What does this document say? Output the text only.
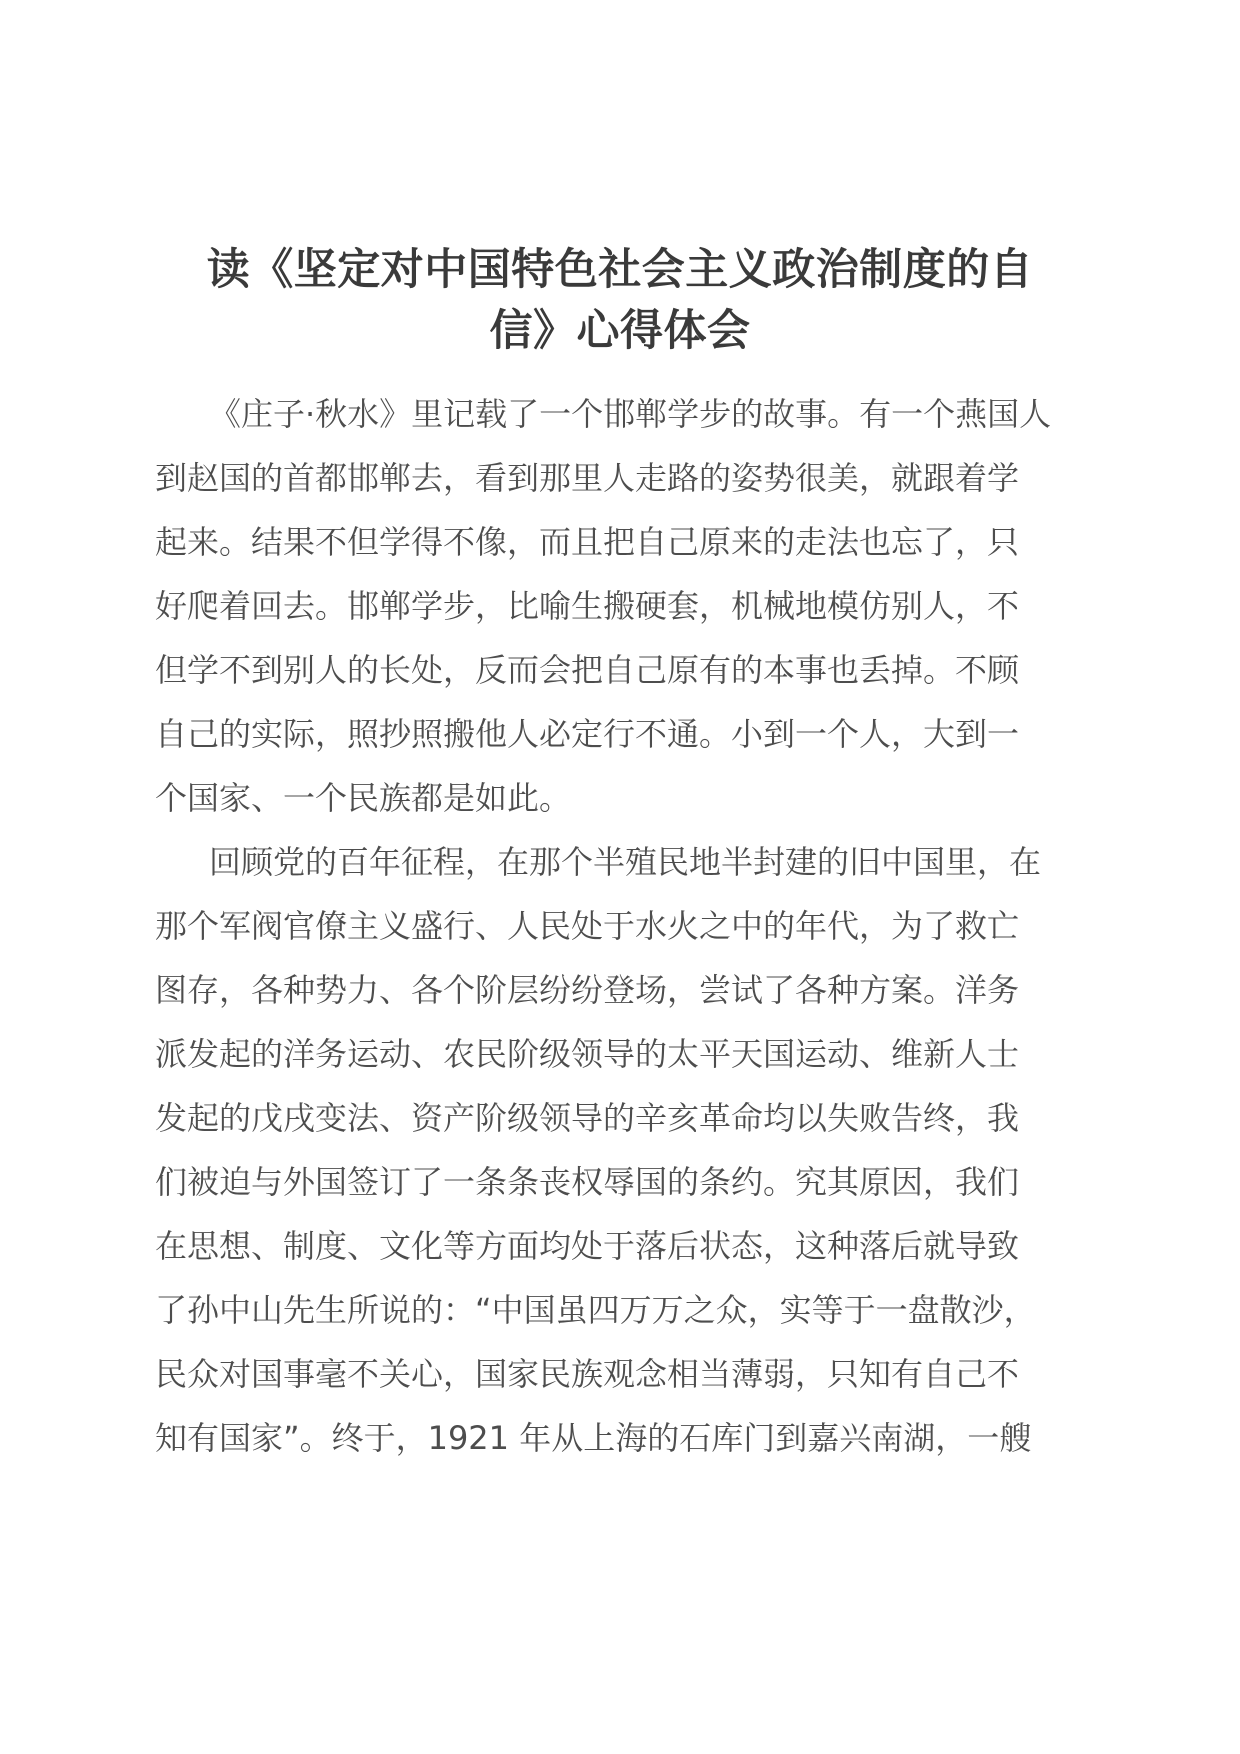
读《坚定对中国特色社会主义政治制度的自
信》心得体会

《庄子·秋水》里记载了一个邯郸学步的故事。有一个燕国人
到赵国的首都邯郸去，看到那里人走路的姿势很美，就跟着学
起来。结果不但学得不像，而且把自己原来的走法也忘了，只
好爬着回去。邯郸学步，比喻生搬硬套，机械地模仿别人，不
但学不到别人的长处，反而会把自己原有的本事也丢掉。不顾
自己的实际，照抄照搬他人必定行不通。小到一个人，大到一
个国家、一个民族都是如此。

回顾党的百年征程，在那个半殖民地半封建的旧中国里，在
那个军阀官僚主义盛行、人民处于水火之中的年代，为了救亡
图存，各种势力、各个阶层纷纷登场，尝试了各种方案。洋务
派发起的洋务运动、农民阶级领导的太平天国运动、维新人士
发起的戊戌变法、资产阶级领导的辛亥革命均以失败告终，我
们被迫与外国签订了一条条丧权辱国的条约。究其原因，我们
在思想、制度、文化等方面均处于落后状态，这种落后就导致
了孙中山先生所说的：“中国虽四万万之众，实等于一盘散沙，
民众对国事毫不关心，国家民族观念相当薄弱，只知有自己不
知有国家”。终于，1921 年从上海的石库门到嘉兴南湖，一艘
